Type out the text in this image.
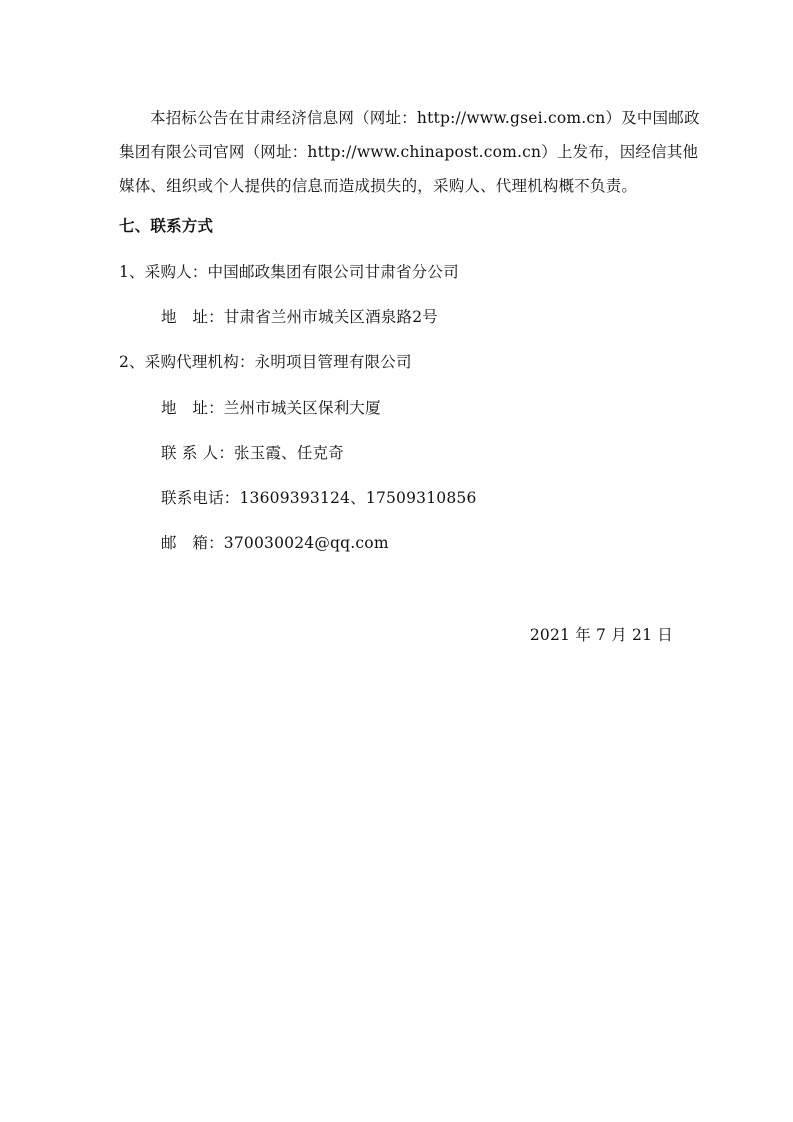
本招标公告在甘肃经济信息网（网址：http://www.gsei.com.cn）及中国邮政

集团有限公司官网（网址：http://www.chinapost.com.cn）上发布，因经信其他

媒体、组织或个人提供的信息而造成损失的，采购人、代理机构概不负责。

七、联系方式
1、采购人：中国邮政集团有限公司甘肃省分公司
地　址：甘肃省兰州市城关区酒泉路2号
2、采购代理机构：永明项目管理有限公司
地　址：兰州市城关区保利大厦
联 系 人：张玉霞、任克奇
联系电话：13609393124、17509310856
邮　箱：370030024@qq.com
2021 年 7 月 21 日
